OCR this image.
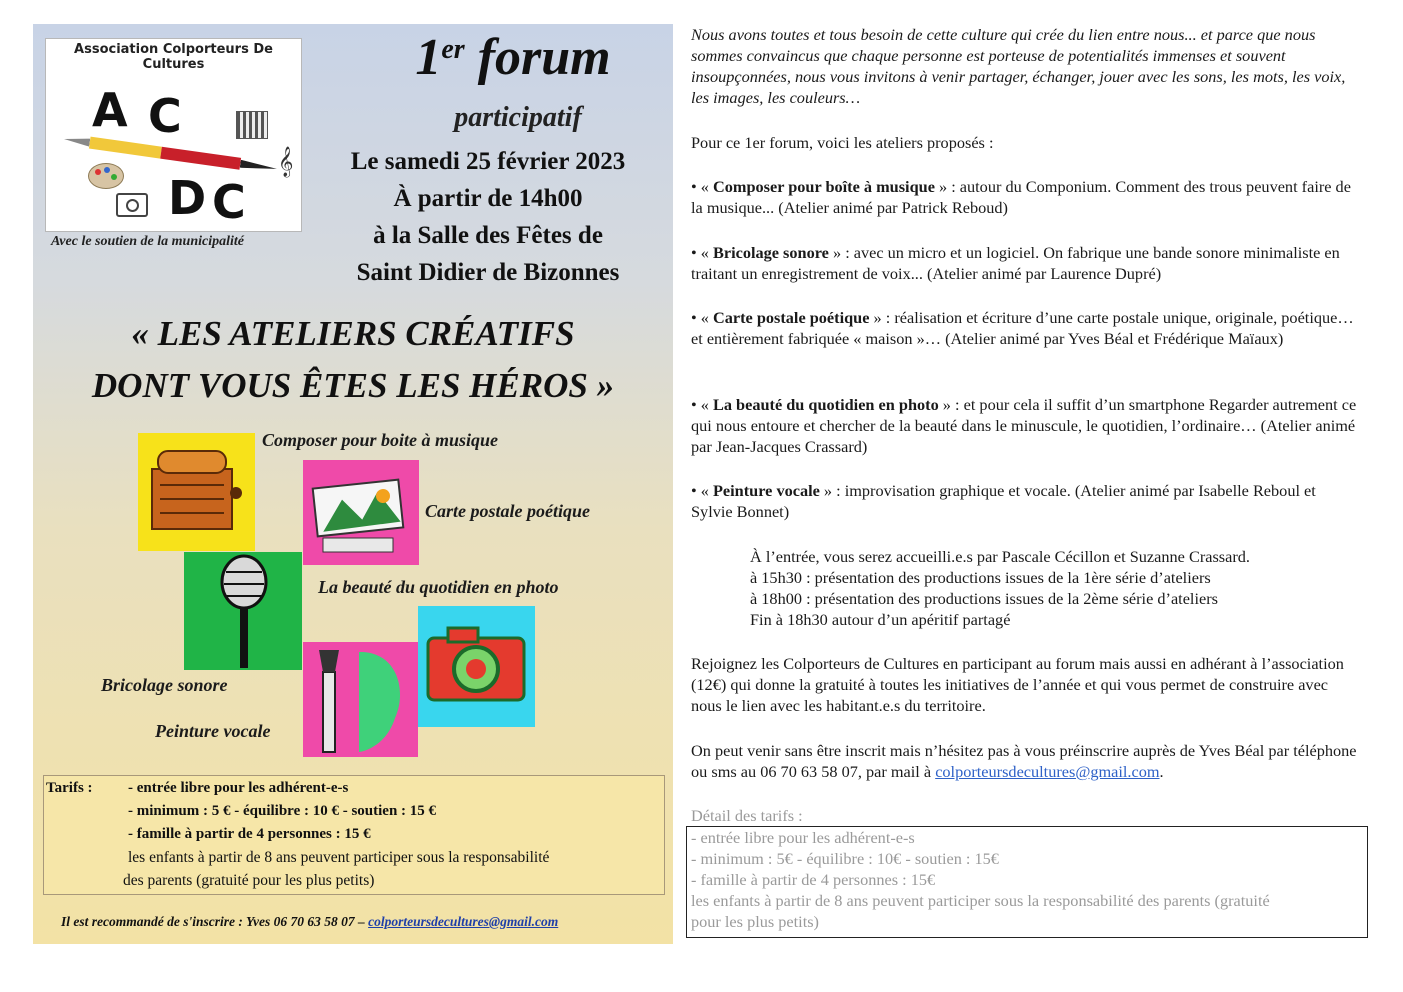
Association Colporteurs De Cultures
A C
D C
𝄞
Avec le soutien de la municipalité
1er forum
participatif
Le samedi 25 février 2023
À partir de 14h00
à la Salle des Fêtes de
Saint Didier de Bizonnes
« LES ATELIERS CRÉATIFS
DONT VOUS ÊTES LES HÉROS »
Composer pour boite à musique
Carte postale poétique
La beauté du quotidien en photo
Bricolage sonore
Peinture vocale
Tarifs : - entrée libre pour les adhérent-e-s
- minimum : 5 € - équilibre : 10 € - soutien : 15 €
- famille à partir de 4 personnes : 15 €
les enfants à partir de 8 ans peuvent participer sous la responsabilité
des parents (gratuité pour les plus petits)
Il est recommandé de s'inscrire : Yves 06 70 63 58 07 – colporteursdecultures@gmail.com
Nous avons toutes et tous besoin de cette culture qui crée du lien entre nous... et parce que nous sommes convaincus que chaque personne est porteuse de potentialités immenses et souvent insoupçonnées, nous vous invitons à venir partager, échanger, jouer avec les sons, les mots, les voix, les images, les couleurs…
Pour ce 1er forum, voici les ateliers proposés :
• « Composer pour boîte à musique » : autour du Componium. Comment des trous peuvent faire de la musique... (Atelier animé par Patrick Reboud)
• « Bricolage sonore » : avec un micro et un logiciel. On fabrique une bande sonore minimaliste en traitant un enregistrement de voix... (Atelier animé par Laurence Dupré)
• « Carte postale poétique » : réalisation et écriture d’une carte postale unique, originale, poétique… et entièrement fabriquée « maison »… (Atelier animé par Yves Béal et Frédérique Maïaux)
• « La beauté du quotidien en photo » : et pour cela il suffit d’un smartphone Regarder autrement ce qui nous entoure et chercher de la beauté dans le minuscule, le quotidien, l’ordinaire… (Atelier animé par Jean-Jacques Crassard)
• « Peinture vocale » : improvisation graphique et vocale. (Atelier animé par Isabelle Reboul et Sylvie Bonnet)
À l’entrée, vous serez accueilli.e.s par Pascale Cécillon et Suzanne Crassard.
à 15h30 : présentation des productions issues de la 1ère série d’ateliers
à 18h00 : présentation des productions issues de la 2ème série d’ateliers
Fin à 18h30 autour d’un apéritif partagé
Rejoignez les Colporteurs de Cultures en participant au forum mais aussi en adhérant à l’association (12€) qui donne la gratuité à toutes les initiatives de l’année et qui vous permet de construire avec nous le lien avec les habitant.e.s du territoire.
On peut venir sans être inscrit mais n’hésitez pas à vous préinscrire auprès de Yves Béal par téléphone ou sms au 06 70 63 58 07, par mail à colporteursdecultures@gmail.com.
Détail des tarifs :
- entrée libre pour les adhérent-e-s
- minimum : 5€ - équilibre : 10€ - soutien : 15€
- famille à partir de 4 personnes : 15€
les enfants à partir de 8 ans peuvent participer sous la responsabilité des parents (gratuité
pour les plus petits)
